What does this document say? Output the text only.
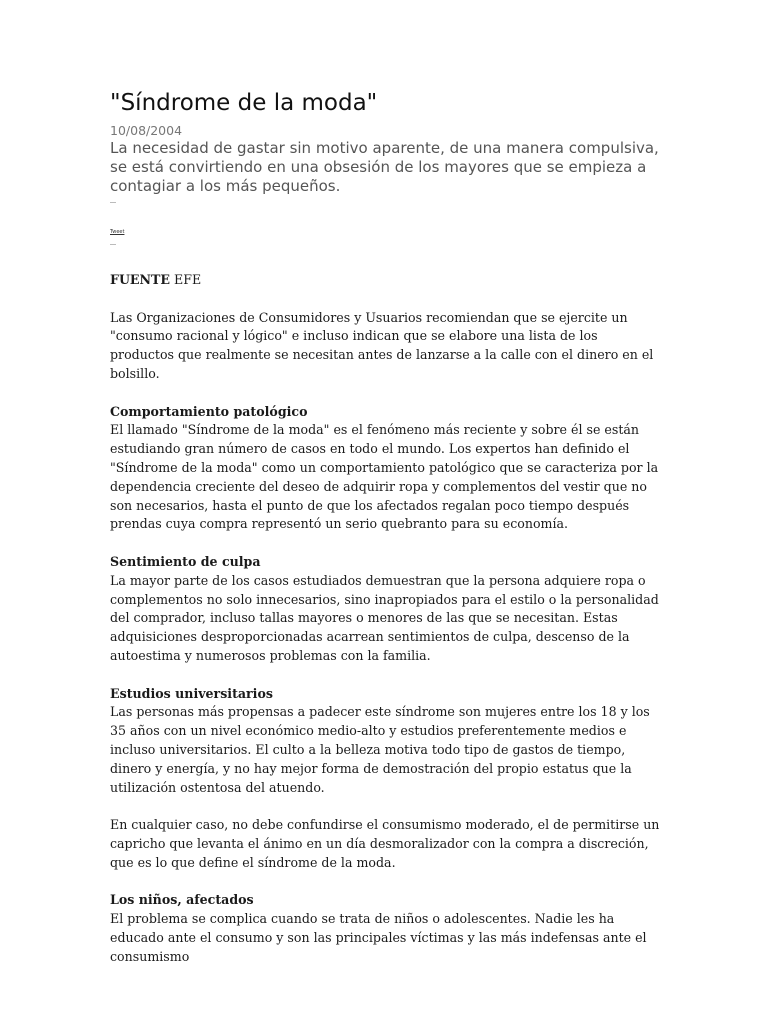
"Síndrome de la moda"
10/08/2004

La necesidad de gastar sin motivo aparente, de una manera compulsiva, se está convirtiendo en una obsesión de los mayores que se empieza a contagiar a los más pequeños.

Tweet
FUENTE EFE

Las Organizaciones de Consumidores y Usuarios recomiendan que se ejercite un "consumo racional y lógico" e incluso indican que se elabore una lista de los productos que realmente se necesitan antes de lanzarse a la calle con el dinero en el bolsillo.

Comportamiento patológico

El llamado "Síndrome de la moda" es el fenómeno más reciente y sobre él se están estudiando gran número de casos en todo el mundo. Los expertos han definido el "Síndrome de la moda" como un comportamiento patológico que se caracteriza por la dependencia creciente del deseo de adquirir ropa y complementos del vestir que no son necesarios, hasta el punto de que los afectados regalan poco tiempo después prendas cuya compra representó un serio quebranto para su economía.

Sentimiento de culpa

La mayor parte de los casos estudiados demuestran que la persona adquiere ropa o complementos no solo innecesarios, sino inapropiados para el estilo o la personalidad del comprador, incluso tallas mayores o menores de las que se necesitan. Estas adquisiciones desproporcionadas acarrean sentimientos de culpa, descenso de la autoestima y numerosos problemas con la familia.

Estudios universitarios

Las personas más propensas a padecer este síndrome son mujeres entre los 18 y los 35 años con un nivel económico medio-alto y estudios preferentemente medios e incluso universitarios. El culto a la belleza motiva todo tipo de gastos de tiempo, dinero y energía, y no hay mejor forma de demostración del propio estatus que la utilización ostentosa del atuendo.

En cualquier caso, no debe confundirse el consumismo moderado, el de permitirse un capricho que levanta el ánimo en un día desmoralizador con la compra a discreción, que es lo que define el síndrome de la moda.

Los niños, afectados

El problema se complica cuando se trata de niños o adolescentes. Nadie les ha educado ante el consumo y son las principales víctimas y las más indefensas ante el consumismo
